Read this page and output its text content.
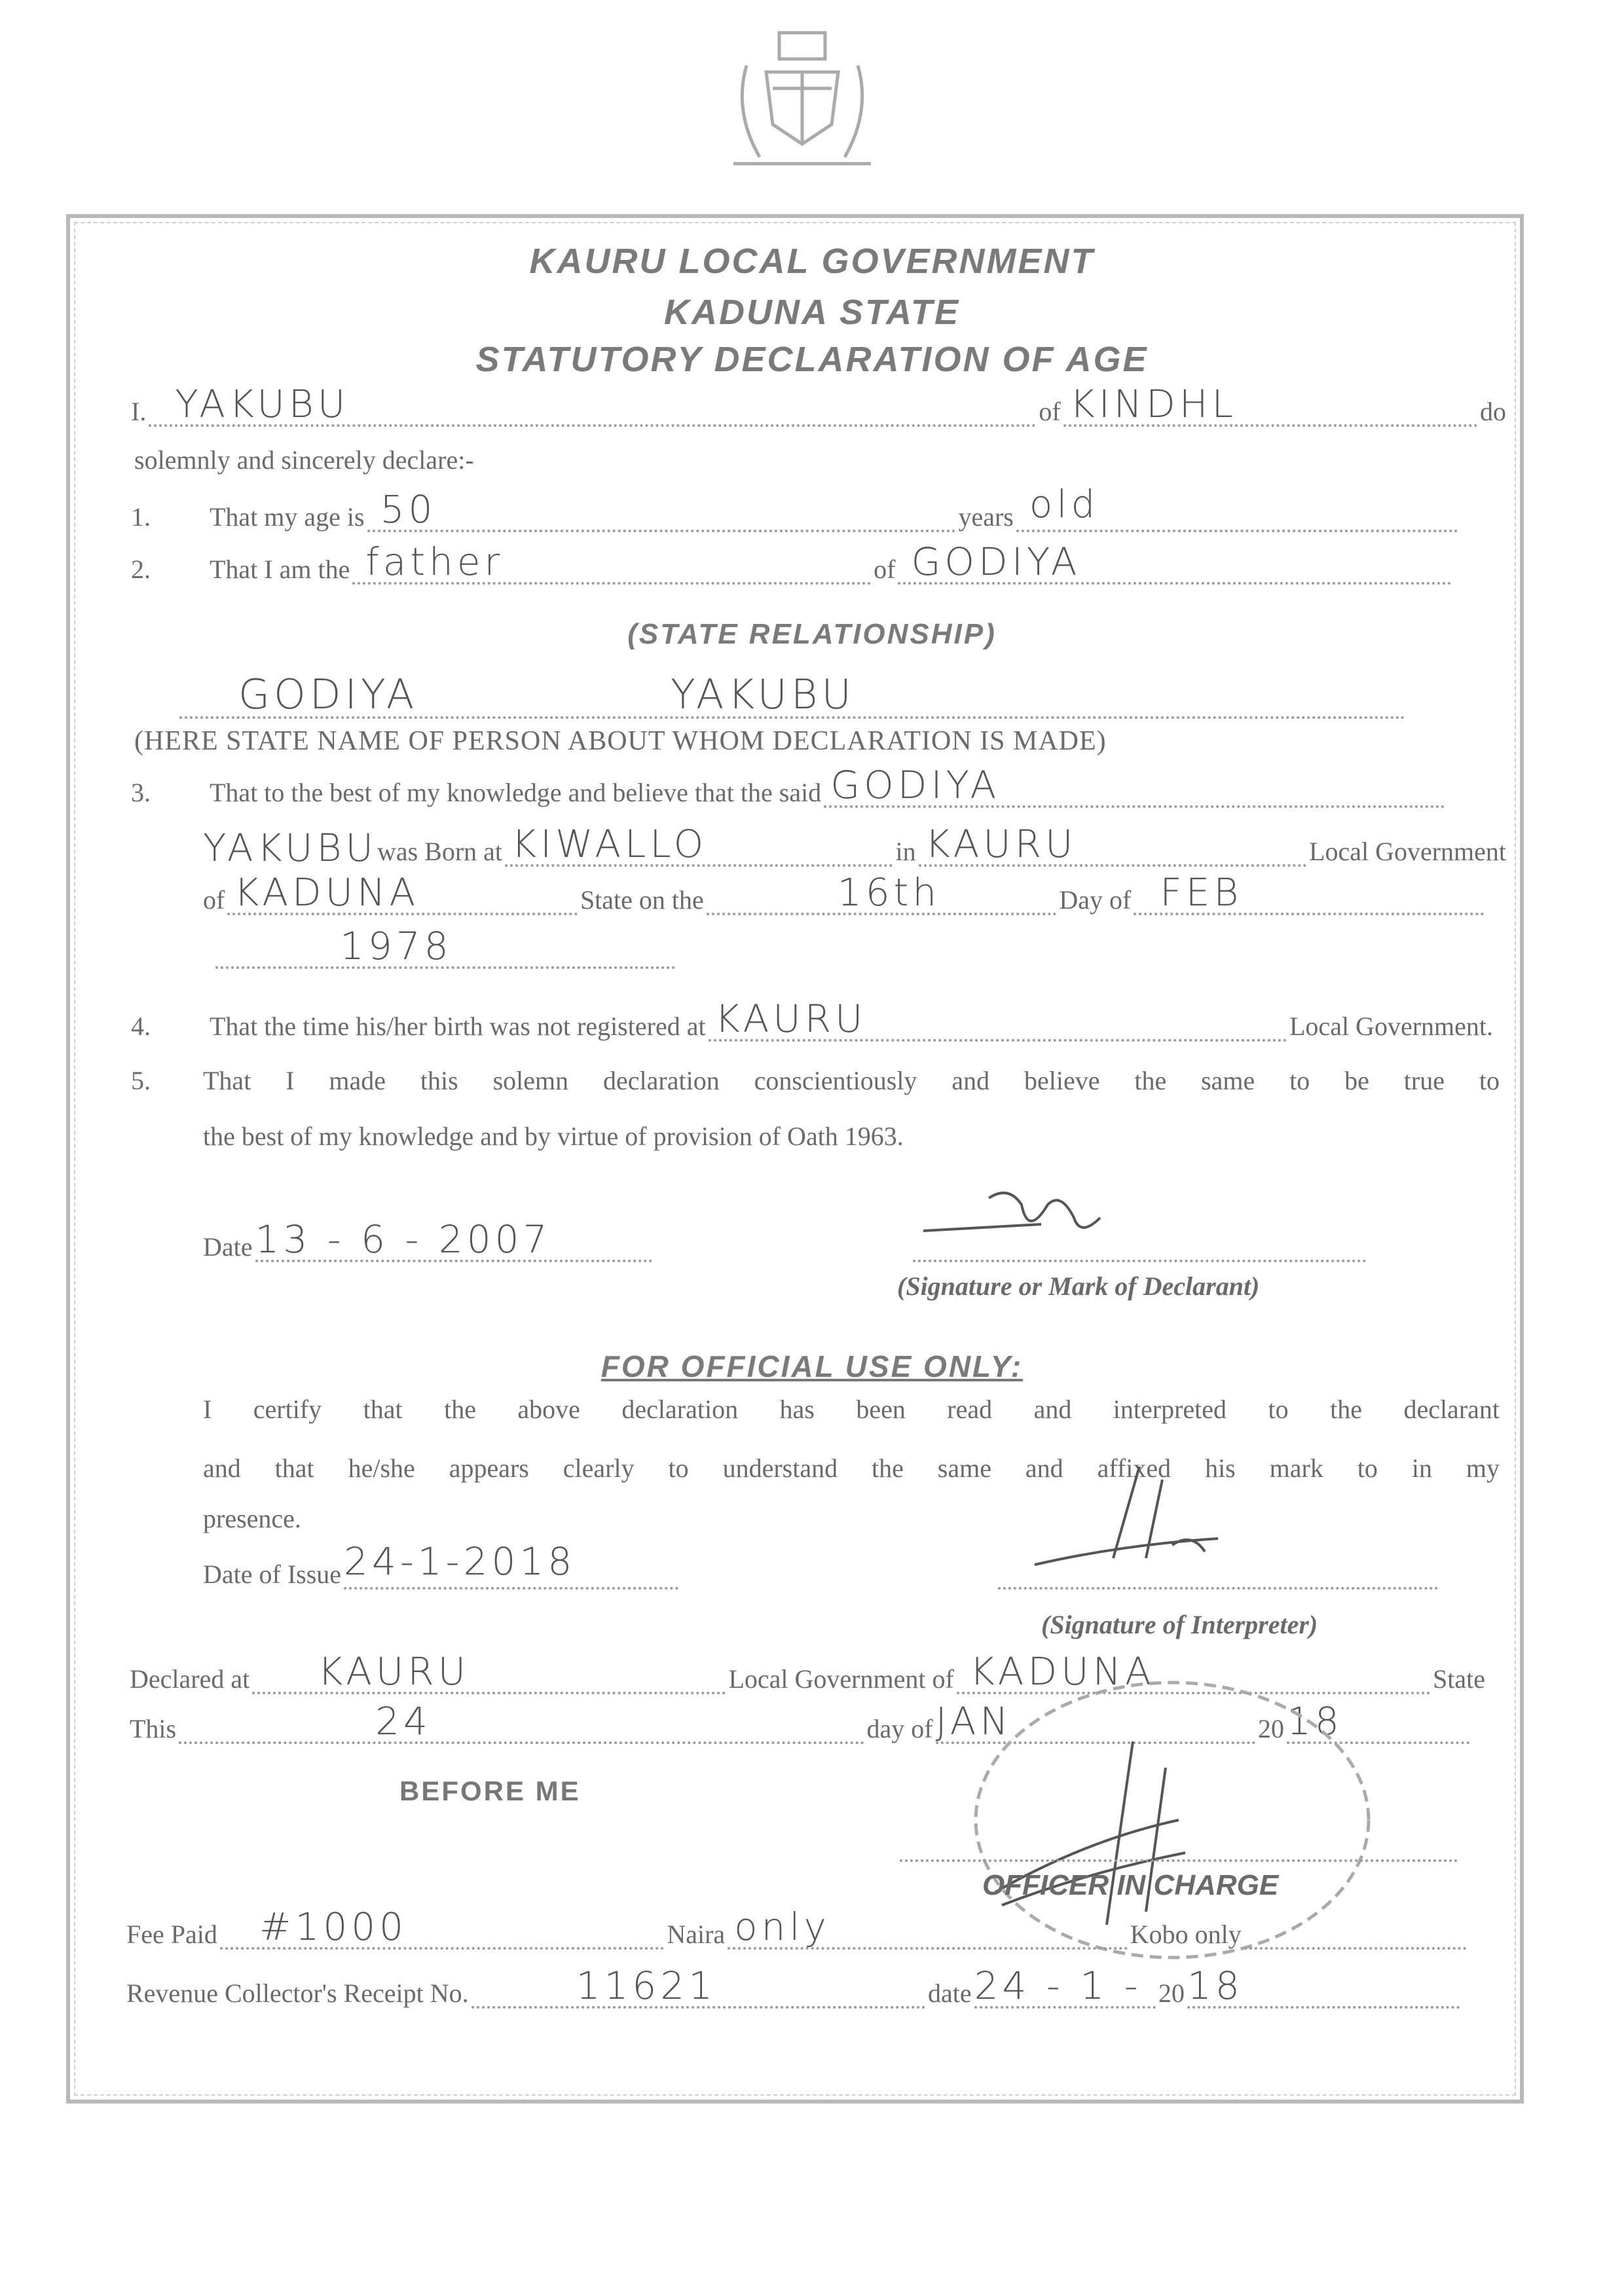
KAURU LOCAL GOVERNMENT
KADUNA STATE
STATUTORY DECLARATION OF AGE
I. YAKUBU	of KINDHL	do
solemnly and sincerely declare:-
1.	That my age is 50	years old
2.	That I am the father	of GODIYA
(STATE RELATIONSHIP)
GODIYA	YAKUBU
(HERE STATE NAME OF PERSON ABOUT WHOM DECLARATION IS MADE)
3.	That to the best of my knowledge and believe that the said GODIYA
YAKUBU was Born at KIWALLO	in KAURU	Local Government
of KADUNA	State on the	16th	Day of FEB
1978
4.	That the time his/her birth was not registered at KAURU	Local Government.
5. That I made this solemn declaration conscientiously and believe the same to be true to
the best of my knowledge and by virtue of provision of Oath 1963.
Date 13 - 6 - 2007
(Signature or Mark of Declarant)
FOR OFFICIAL USE ONLY:
I certify that the above declaration has been read and interpreted to the declarant
and that he/she appears clearly to understand the same and affixed his mark to in my
presence.
Date of Issue 24-1-2018
(Signature of Interpreter)
Declared at KAURU	Local Government of KADUNA	State
This	24	day of JAN	20 18
BEFORE ME
OFFICER IN CHARGE
Fee Paid #1000	Naira only	Kobo only
Revenue Collector's Receipt No.	11621	date 24 - 1 - 20 18
